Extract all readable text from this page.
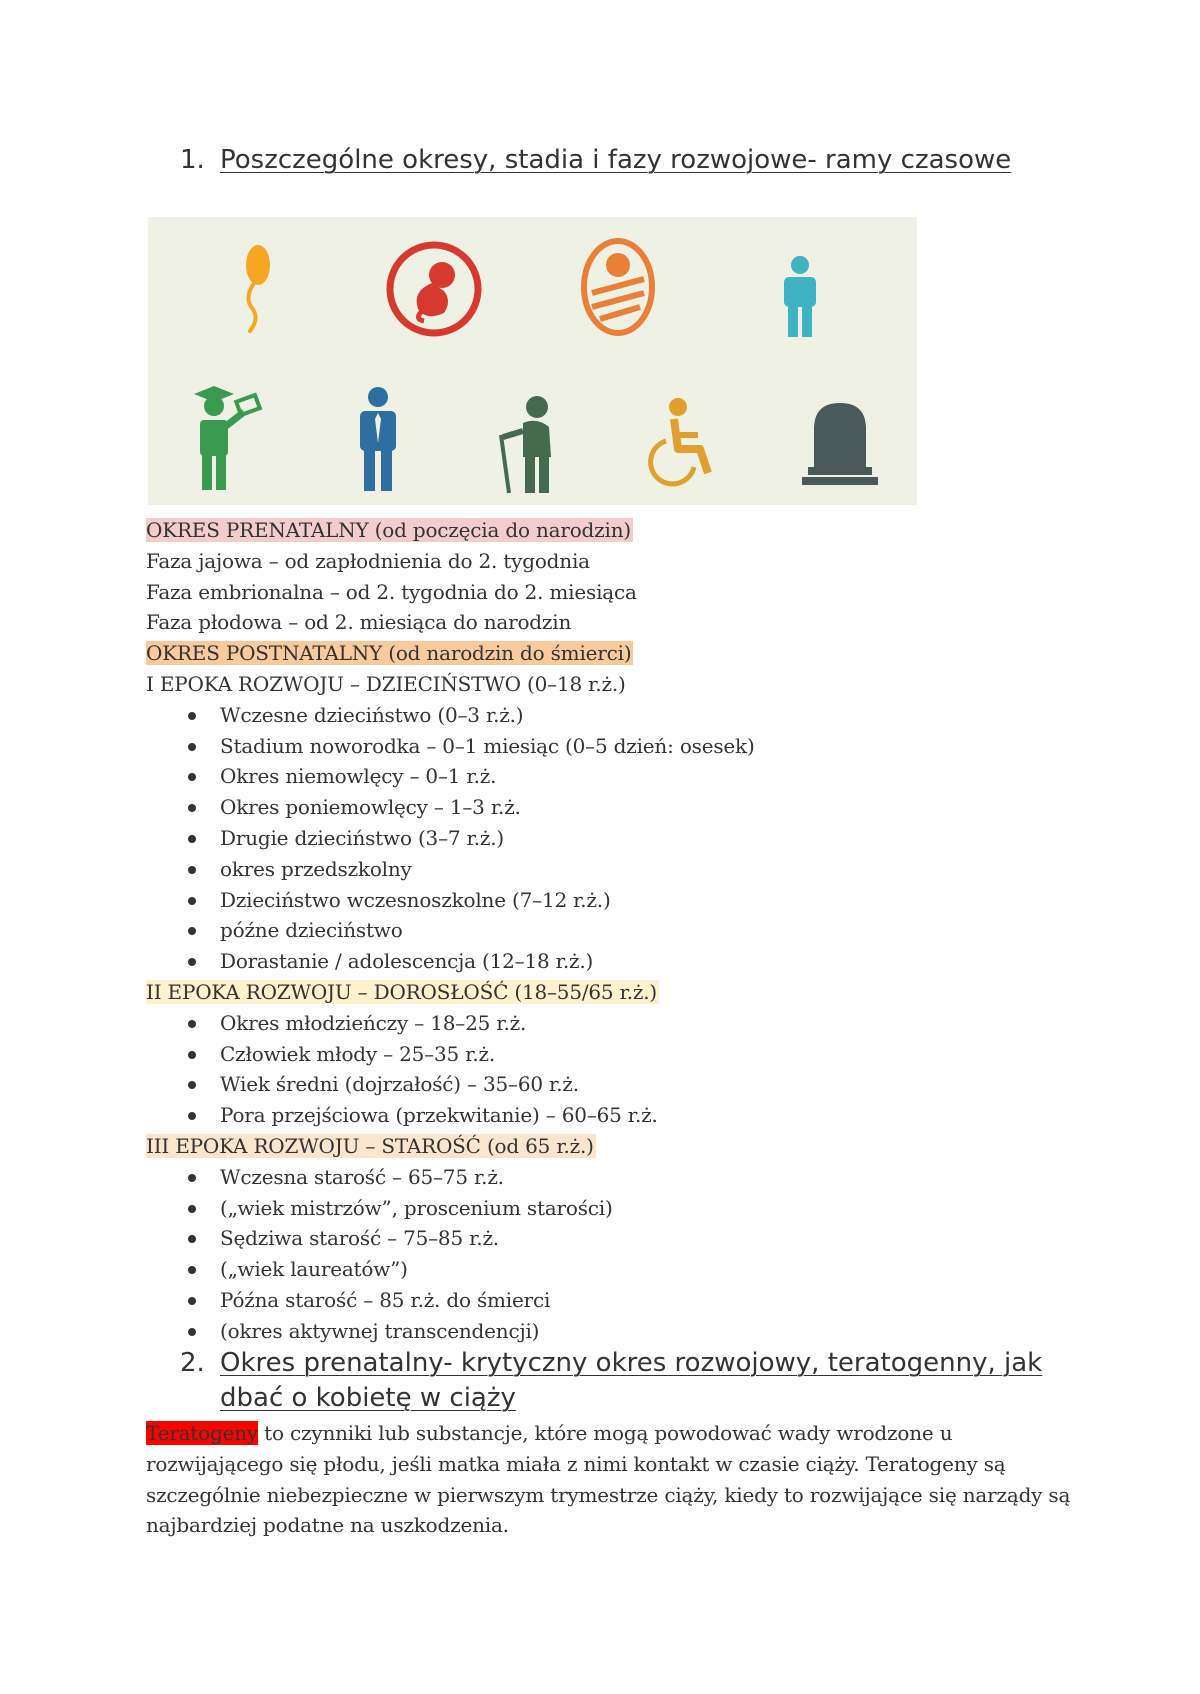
1. Poszczególne okresy, stadia i fazy rozwojowe- ramy czasowe
OKRES PRENATALNY (od poczęcia do narodzin)
Faza jajowa – od zapłodnienia do 2. tygodnia
Faza embrionalna – od 2. tygodnia do 2. miesiąca
Faza płodowa – od 2. miesiąca do narodzin
OKRES POSTNATALNY (od narodzin do śmierci)
I EPOKA ROZWOJU – DZIECIŃSTWO (0–18 r.ż.)
Wczesne dzieciństwo (0–3 r.ż.)
Stadium noworodka – 0–1 miesiąc (0–5 dzień: osesek)
Okres niemowlęcy – 0–1 r.ż.
Okres poniemowlęcy – 1–3 r.ż.
Drugie dzieciństwo (3–7 r.ż.)
okres przedszkolny
Dzieciństwo wczesnoszkolne (7–12 r.ż.)
późne dzieciństwo
Dorastanie / adolescencja (12–18 r.ż.)
II EPOKA ROZWOJU – DOROSŁOŚĆ (18–55/65 r.ż.)
Okres młodzieńczy – 18–25 r.ż.
Człowiek młody – 25–35 r.ż.
Wiek średni (dojrzałość) – 35–60 r.ż.
Pora przejściowa (przekwitanie) – 60–65 r.ż.
III EPOKA ROZWOJU – STAROŚĆ (od 65 r.ż.)
Wczesna starość – 65–75 r.ż.
(„wiek mistrzów”, proscenium starości)
Sędziwa starość – 75–85 r.ż.
(„wiek laureatów”)
Późna starość – 85 r.ż. do śmierci
(okres aktywnej transcendencji)
2. Okres prenatalny- krytyczny okres rozwojowy, teratogenny, jak dbać o kobietę w ciąży
Teratogeny to czynniki lub substancje, które mogą powodować wady wrodzone u rozwijającego się płodu, jeśli matka miała z nimi kontakt w czasie ciąży. Teratogeny są szczególnie niebezpieczne w pierwszym trymestrze ciąży, kiedy to rozwijające się narządy są najbardziej podatne na uszkodzenia.
